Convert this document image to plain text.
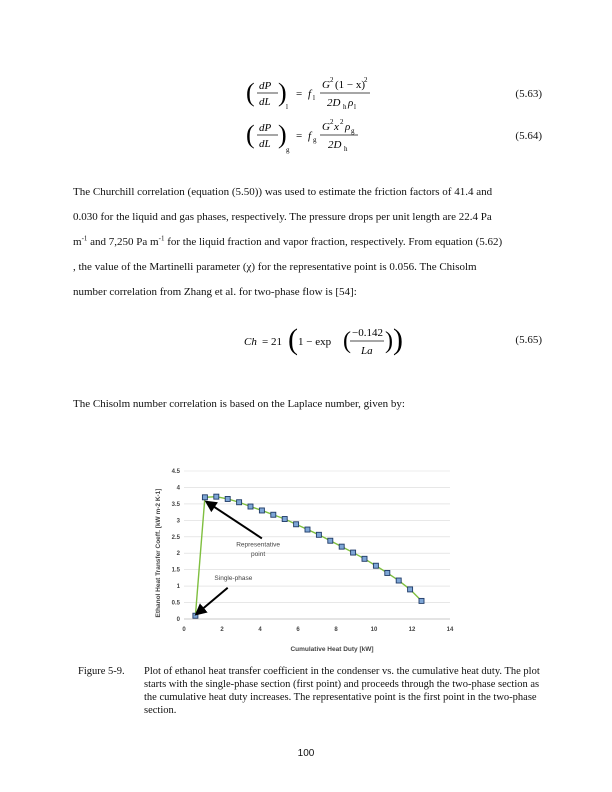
( dP
dL ) l
= f l
G 2 (1 − x)
2
2D h ρ l
(5.63)
( dP
dL )
g
= f g
G 2 x 2 ρ g
2D h
(5.64)

The Churchill correlation (equation (5.50)) was used to estimate the friction factors of 41.4 and

0.030 for the liquid and gas phases, respectively. The pressure drops per unit length are 22.4 Pa

$m^{-1}$ and 7,250 Pa $m^{-1}$ for the liquid fraction and vapor fraction, respectively. From equation (5.62)

, the value of the Martinelli parameter (χ) for the representative point is 0.056. The Chisolm

number correlation from Zhang et al. for two-phase flow is [54]:

Ch = 21 ( 1 − exp ( −0.142
La ) )	(5.65)

The Chisolm number correlation is based on the Laplace number, given by:

0
0.5
1
1.5
2
2.5
3
3.5
4
4.5
0	2	4	6	8	10	12	14
Representative
point
Single-phase
Cumulative Heat Duty [kW]
Ethanol Heat Transfer Coeff. [kW m-2 K-1]
Figure 5-9. Plot of ethanol heat transfer coefficient in the condenser vs. the cumulative heat duty. The plot starts with the single-phase section (first point) and proceeds through the two-phase section as the cumulative heat duty increases. The representative point is the first point in the two-phase section.
100
